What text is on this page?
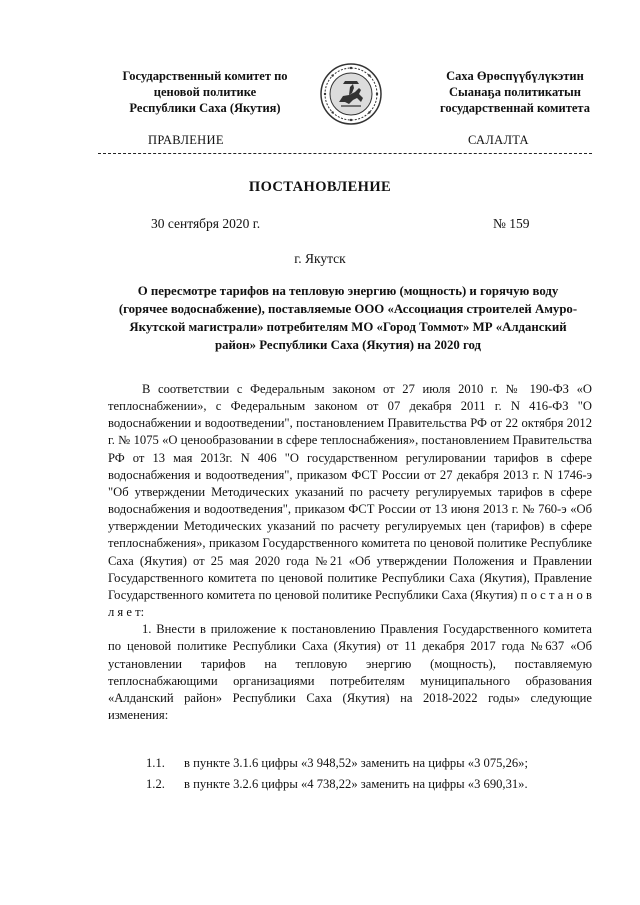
Государственный комитет по
ценовой политике
Республики Саха (Якутия)
Саха Өрөспүүбүлүкэтин
Сыанаҕа политикатын
государственнай комитета
ПРАВЛЕНИЕ	САЛАЛТА
ПОСТАНОВЛЕНИЕ
30 сентября 2020 г.	№ 159
г. Якутск
О пересмотре тарифов на тепловую энергию (мощность) и горячую воду
(горячее водоснабжение), поставляемые ООО «Ассоциация строителей Амуро-
Якутской магистрали» потребителям МО «Город Томмот» МР «Алданский
район» Республики Саха (Якутия) на 2020 год

В соответствии с Федеральным законом от 27 июля 2010 г. № 190-ФЗ «О теплоснабжении», с Федеральным законом от 07 декабря 2011 г. N 416-ФЗ "О водоснабжении и водоотведении", постановлением Правительства РФ от 22 октября 2012 г. № 1075 «О ценообразовании в сфере теплоснабжения», постановлением Правительства РФ от 13 мая 2013г. N 406 "О государственном регулировании тарифов в сфере водоснабжения и водоотведения", приказом ФСТ России от 27 декабря 2013 г. N 1746-э "Об утверждении Методических указаний по расчету регулируемых тарифов в сфере водоснабжения и водоотведения", приказом ФСТ России от 13 июня 2013 г. № 760-э «Об утверждении Методических указаний по расчету регулируемых цен (тарифов) в сфере теплоснабжения», приказом Государственного комитета по ценовой политике Республике Саха (Якутия) от 25 мая 2020 года №21 «Об утверждении Положения и Правлении Государственного комитета по ценовой политике Республики Саха (Якутия), Правление Государственного комитета по ценовой политике Республики Саха (Якутия) п о с т а н о в л я е т:

1. Внести в приложение к постановлению Правления Государственного комитета по ценовой политике Республики Саха (Якутия) от 11 декабря 2017 года №637 «Об установлении тарифов на тепловую энергию (мощность), поставляемую теплоснабжающими организациями потребителям муниципального образования «Алданский район» Республики Саха (Якутия) на 2018-2022 годы» следующие изменения:

1.1. в пункте 3.1.6 цифры «3 948,52» заменить на цифры «3 075,26»;
1.2. в пункте 3.2.6 цифры «4 738,22» заменить на цифры «3 690,31».
